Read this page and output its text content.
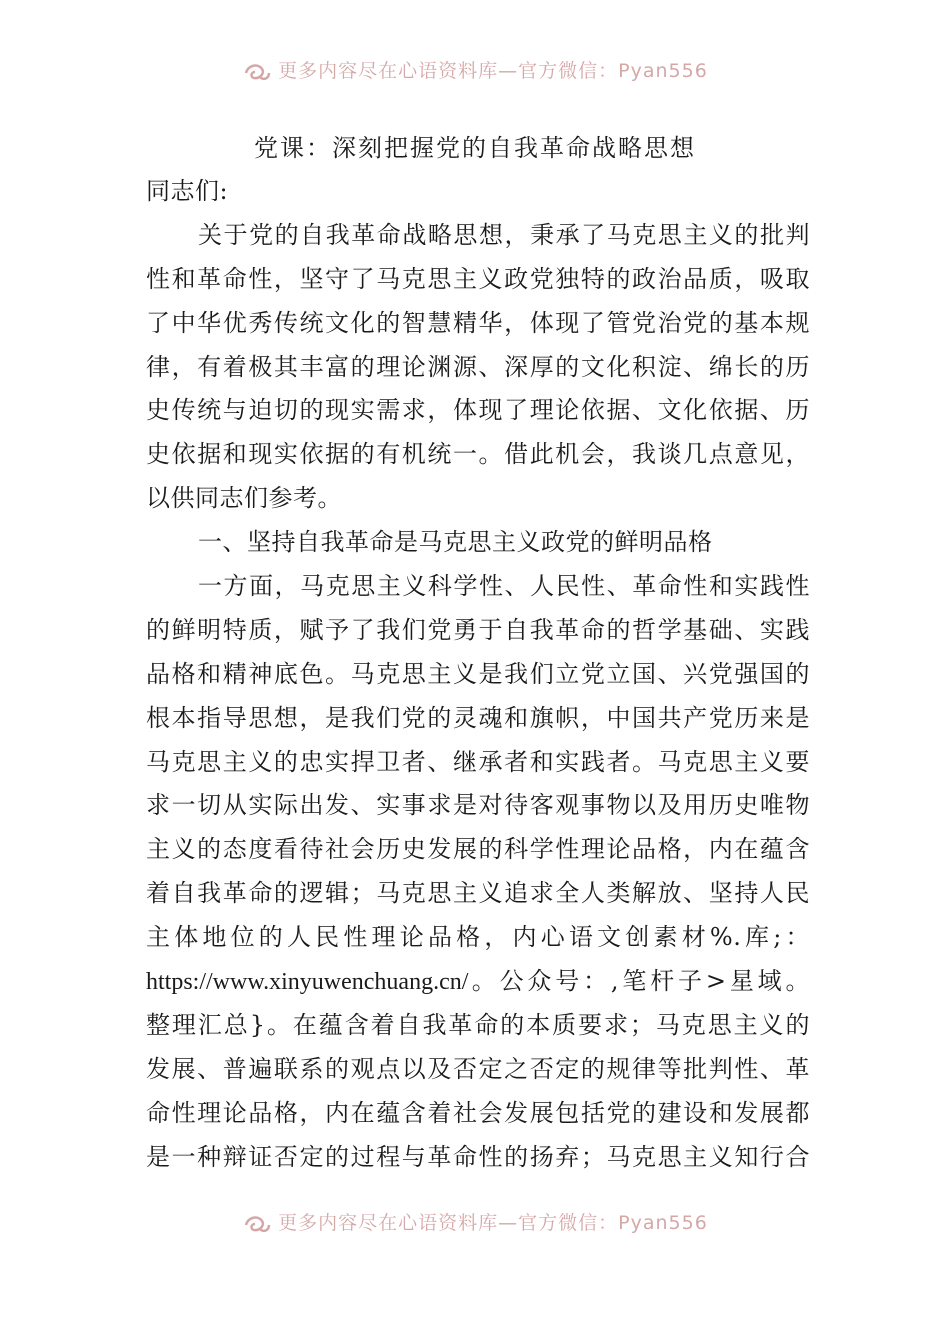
更多内容尽在心语资料库—官方微信：Pyan556
党课：深刻把握党的自我革命战略思想
同志们:
关于党的自我革命战略思想，秉承了马克思主义的批判
性和革命性，坚守了马克思主义政党独特的政治品质，吸取
了中华优秀传统文化的智慧精华，体现了管党治党的基本规
律，有着极其丰富的理论渊源、深厚的文化积淀、绵长的历
史传统与迫切的现实需求，体现了理论依据、文化依据、历
史依据和现实依据的有机统一。借此机会，我谈几点意见，
以供同志们参考。
一、坚持自我革命是马克思主义政党的鲜明品格
一方面，马克思主义科学性、人民性、革命性和实践性
的鲜明特质，赋予了我们党勇于自我革命的哲学基础、实践
品格和精神底色。马克思主义是我们立党立国、兴党强国的
根本指导思想，是我们党的灵魂和旗帜，中国共产党历来是
马克思主义的忠实捍卫者、继承者和实践者。马克思主义要
求一切从实际出发、实事求是对待客观事物以及用历史唯物
主义的态度看待社会历史发展的科学性理论品格，内在蕴含
着自我革命的逻辑；马克思主义追求全人类解放、坚持人民
主体地位的人民性理论品格，内心语文创素材%.库;：
https://www.xinyuwenchuang.cn/。公众号：,笔杆子>星域。
整理汇总}。在蕴含着自我革命的本质要求；马克思主义的
发展、普遍联系的观点以及否定之否定的规律等批判性、革
命性理论品格，内在蕴含着社会发展包括党的建设和发展都
是一种辩证否定的过程与革命性的扬弃；马克思主义知行合
更多内容尽在心语资料库—官方微信：Pyan556
